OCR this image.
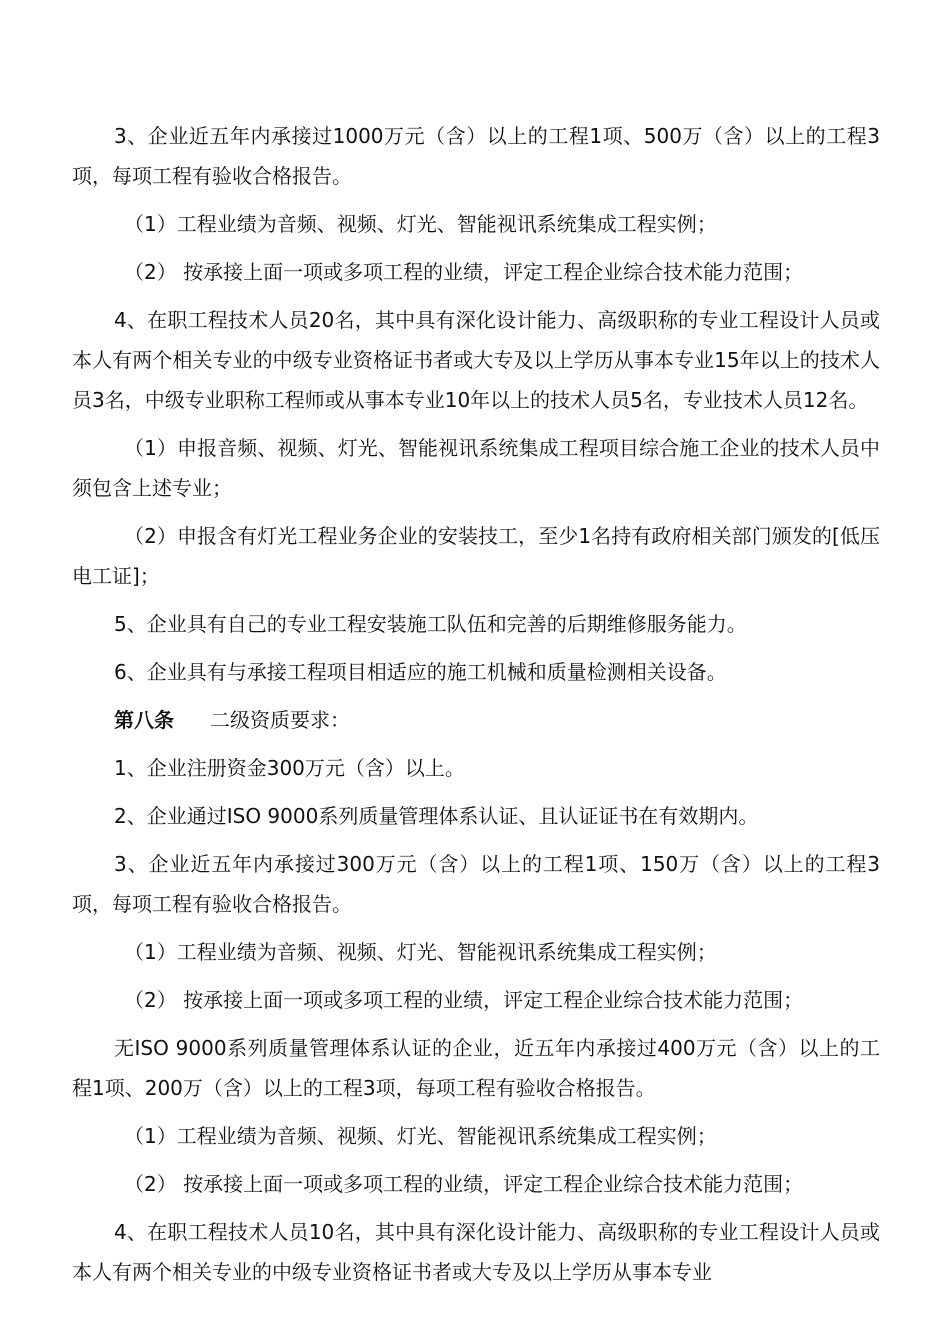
3、企业近五年内承接过1000万元（含）以上的工程1项、500万（含）以上的工程3项，每项工程有验收合格报告。

（1）工程业绩为音频、视频、灯光、智能视讯系统集成工程实例；

（2） 按承接上面一项或多项工程的业绩，评定工程企业综合技术能力范围；

4、在职工程技术人员20名，其中具有深化设计能力、高级职称的专业工程设计人员或本人有两个相关专业的中级专业资格证书者或大专及以上学历从事本专业15年以上的技术人员3名，中级专业职称工程师或从事本专业10年以上的技术人员5名，专业技术人员12名。

（1）申报音频、视频、灯光、智能视讯系统集成工程项目综合施工企业的技术人员中须包含上述专业；

（2）申报含有灯光工程业务企业的安装技工，至少1名持有政府相关部门颁发的[低压电工证]；

5、企业具有自己的专业工程安装施工队伍和完善的后期维修服务能力。

6、企业具有与承接工程项目相适应的施工机械和质量检测相关设备。

第八条 二级资质要求：

1、企业注册资金300万元（含）以上。

2、企业通过ISO 9000系列质量管理体系认证、且认证证书在有效期内。

3、企业近五年内承接过300万元（含）以上的工程1项、150万（含）以上的工程3项，每项工程有验收合格报告。

（1）工程业绩为音频、视频、灯光、智能视讯系统集成工程实例；

（2） 按承接上面一项或多项工程的业绩，评定工程企业综合技术能力范围；

无ISO 9000系列质量管理体系认证的企业，近五年内承接过400万元（含）以上的工程1项、200万（含）以上的工程3项，每项工程有验收合格报告。

（1）工程业绩为音频、视频、灯光、智能视讯系统集成工程实例；

（2） 按承接上面一项或多项工程的业绩，评定工程企业综合技术能力范围；

4、在职工程技术人员10名，其中具有深化设计能力、高级职称的专业工程设计人员或本人有两个相关专业的中级专业资格证书者或大专及以上学历从事本专业
